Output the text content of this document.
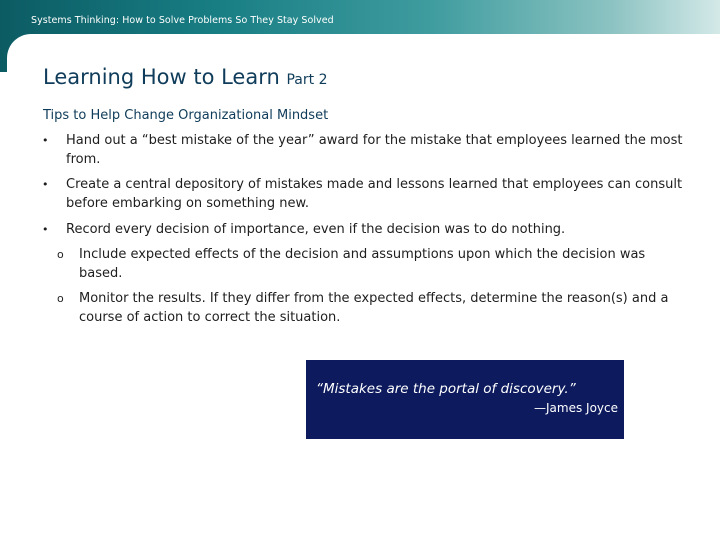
Systems Thinking: How to Solve Problems So They Stay Solved
Learning How to Learn Part 2
Tips to Help Change Organizational Mindset
• Hand out a “best mistake of the year” award for the mistake that employees learned the most from.
• Create a central depository of mistakes made and lessons learned that employees can consult before embarking on something new.
• Record every decision of importance, even if the decision was to do nothing.
o Include expected effects of the decision and assumptions upon which the decision was based.
o Monitor the results. If they differ from the expected effects, determine the reason(s) and a course of action to correct the situation.
“Mistakes are the portal of discovery.”
—James Joyce
